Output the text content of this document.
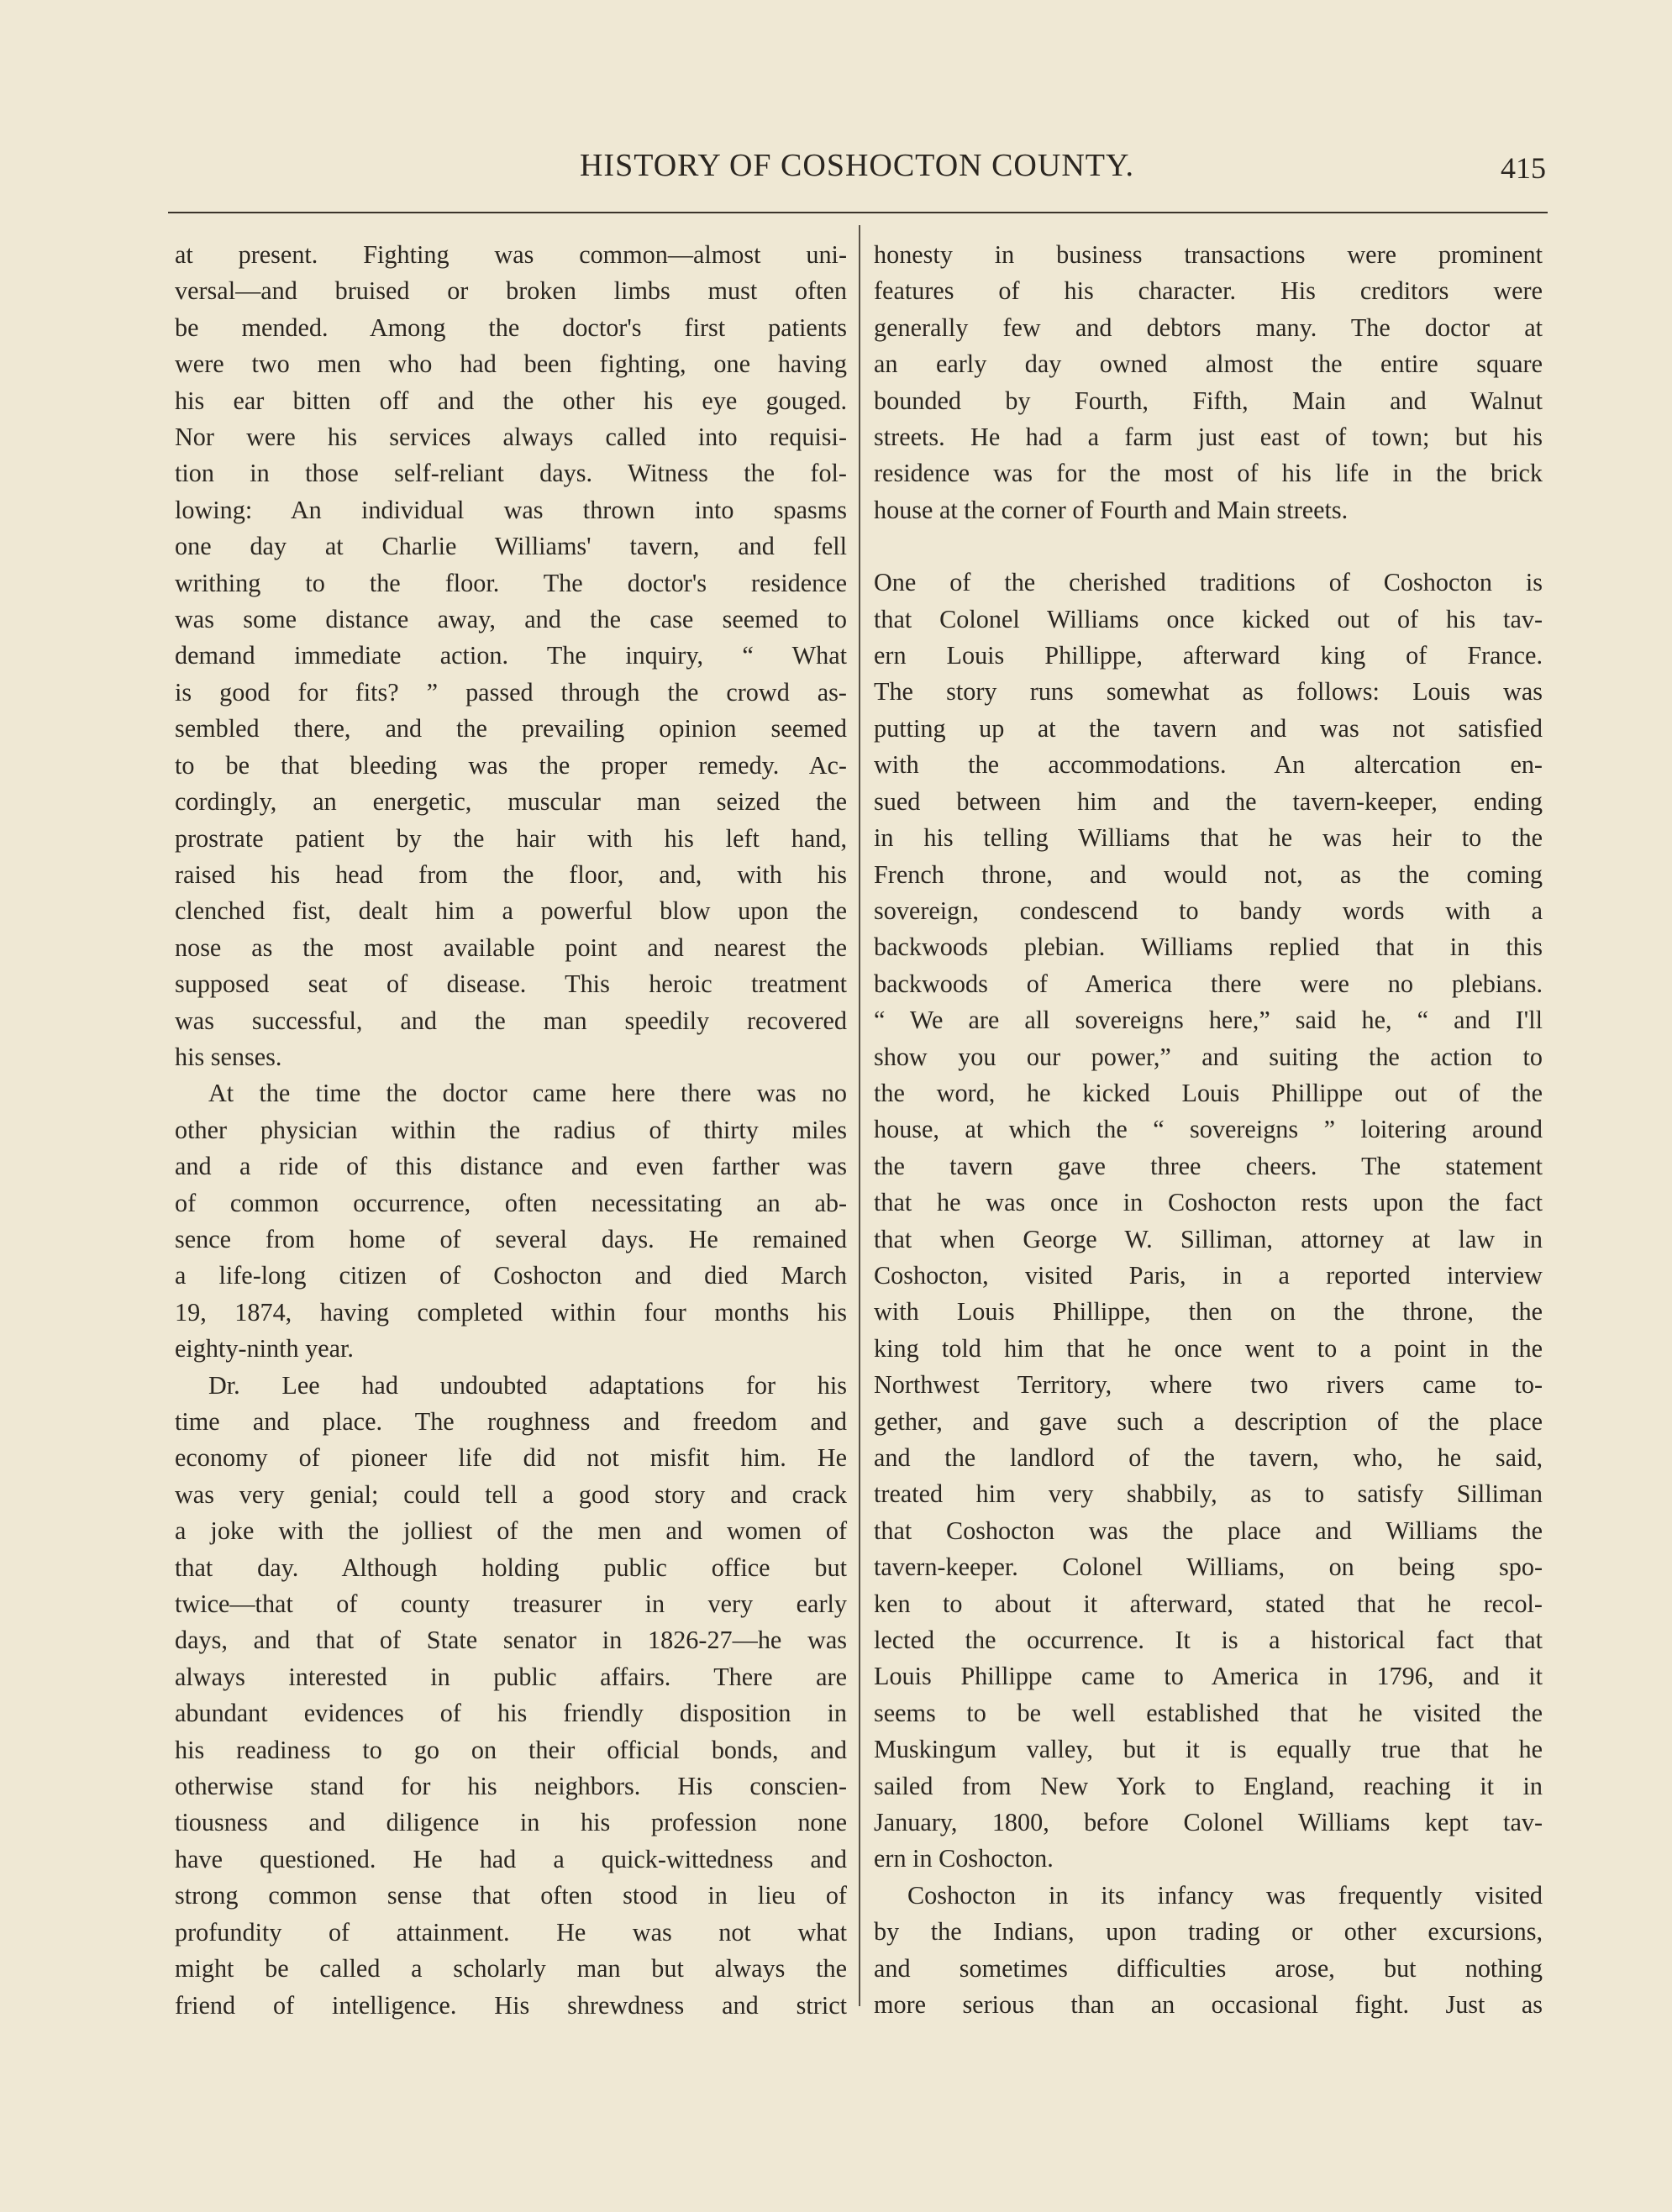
HISTORY OF COSHOCTON COUNTY.	415

at present. Fighting was common—almost uni-

versal—and bruised or broken limbs must often

be mended. Among the doctor's first patients

were two men who had been fighting, one having

his ear bitten off and the other his eye gouged.

Nor were his services always called into requisi-

tion in those self-reliant days. Witness the fol-

lowing: An individual was thrown into spasms

one day at Charlie Williams' tavern, and fell

writhing to the floor. The doctor's residence

was some distance away, and the case seemed to

demand immediate action. The inquiry, “ What

is good for fits? ” passed through the crowd as-

sembled there, and the prevailing opinion seemed

to be that bleeding was the proper remedy. Ac-

cordingly, an energetic, muscular man seized the

prostrate patient by the hair with his left hand,

raised his head from the floor, and, with his

clenched fist, dealt him a powerful blow upon the

nose as the most available point and nearest the

supposed seat of disease. This heroic treatment

was successful, and the man speedily recovered

his senses.

At the time the doctor came here there was no

other physician within the radius of thirty miles

and a ride of this distance and even farther was

of common occurrence, often necessitating an ab-

sence from home of several days. He remained

a life-long citizen of Coshocton and died March

19, 1874, having completed within four months his

eighty-ninth year.

Dr. Lee had undoubted adaptations for his

time and place. The roughness and freedom and

economy of pioneer life did not misfit him. He

was very genial; could tell a good story and crack

a joke with the jolliest of the men and women of

that day. Although holding public office but

twice—that of county treasurer in very early

days, and that of State senator in 1826-27—he was

always interested in public affairs. There are

abundant evidences of his friendly disposition in

his readiness to go on their official bonds, and

otherwise stand for his neighbors. His conscien-

tiousness and diligence in his profession none

have questioned. He had a quick-wittedness and

strong common sense that often stood in lieu of

profundity of attainment. He was not what

might be called a scholarly man but always the

friend of intelligence. His shrewdness and strict

honesty in business transactions were prominent

features of his character. His creditors were

generally few and debtors many. The doctor at

an early day owned almost the entire square

bounded by Fourth, Fifth, Main and Walnut

streets. He had a farm just east of town; but his

residence was for the most of his life in the brick

house at the corner of Fourth and Main streets.

One of the cherished traditions of Coshocton is

that Colonel Williams once kicked out of his tav-

ern Louis Phillippe, afterward king of France.

The story runs somewhat as follows: Louis was

putting up at the tavern and was not satisfied

with the accommodations. An altercation en-

sued between him and the tavern-keeper, ending

in his telling Williams that he was heir to the

French throne, and would not, as the coming

sovereign, condescend to bandy words with a

backwoods plebian. Williams replied that in this

backwoods of America there were no plebians.

“ We are all sovereigns here,” said he, “ and I'll

show you our power,” and suiting the action to

the word, he kicked Louis Phillippe out of the

house, at which the “ sovereigns ” loitering around

the tavern gave three cheers. The statement

that he was once in Coshocton rests upon the fact

that when George W. Silliman, attorney at law in

Coshocton, visited Paris, in a reported interview

with Louis Phillippe, then on the throne, the

king told him that he once went to a point in the

Northwest Territory, where two rivers came to-

gether, and gave such a description of the place

and the landlord of the tavern, who, he said,

treated him very shabbily, as to satisfy Silliman

that Coshocton was the place and Williams the

tavern-keeper. Colonel Williams, on being spo-

ken to about it afterward, stated that he recol-

lected the occurrence. It is a historical fact that

Louis Phillippe came to America in 1796, and it

seems to be well established that he visited the

Muskingum valley, but it is equally true that he

sailed from New York to England, reaching it in

January, 1800, before Colonel Williams kept tav-

ern in Coshocton.

Coshocton in its infancy was frequently visited

by the Indians, upon trading or other excursions,

and sometimes difficulties arose, but nothing

more serious than an occasional fight. Just as
